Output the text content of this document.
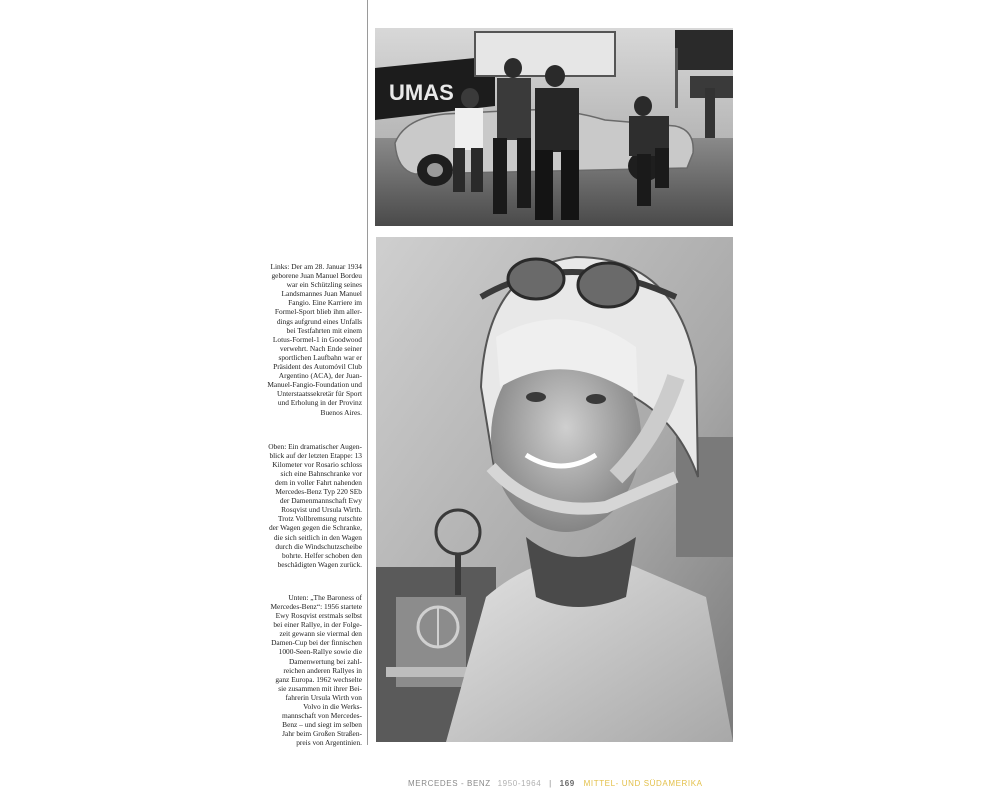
Links: Der am 28. Januar 1934
geborene Juan Manuel Bordeu
war ein Schützling seines
Landsmannes Juan Manuel
Fangio. Eine Karriere im
Formel-Sport blieb ihm aller-
dings aufgrund eines Unfalls
bei Testfahrten mit einem
Lotus-Formel-1 in Goodwood
verwehrt. Nach Ende seiner
sportlichen Laufbahn war er
Präsident des Automóvil Club
Argentino (ACA), der Juan-
Manuel-Fangio-Foundation und
Unterstaatssekretär für Sport
und Erholung in der Provinz
Buenos Aires.

Oben: Ein dramatischer Augen-
blick auf der letzten Etappe: 13
Kilometer vor Rosario schloss
sich eine Bahnschranke vor
dem in voller Fahrt nahenden
Mercedes-Benz Typ 220 SEb
der Damenmannschaft Ewy
Rosqvist und Ursula Wirth.
Trotz Vollbremsung rutschte
der Wagen gegen die Schranke,
die sich seitlich in den Wagen
durch die Windschutzscheibe
bohrte. Helfer schoben den
beschädigten Wagen zurück.

Unten: „The Baroness of
Mercedes-Benz“: 1956 startete
Ewy Rosqvist erstmals selbst
bei einer Rallye, in der Folge-
zeit gewann sie viermal den
Damen-Cup bei der finnischen
1000-Seen-Rallye sowie die
Damenwertung bei zahl-
reichen anderen Rallyes in
ganz Europa. 1962 wechselte
sie zusammen mit ihrer Bei-
fahrerin Ursula Wirth von
Volvo in die Werks-
mannschaft von Mercedes-
Benz – und siegt im selben
Jahr beim Großen Straßen-
preis von Argentinien.

UMAS
MERCEDES - BENZ 1950-1964 | 169 MITTEL- UND SÜDAMERIKA
